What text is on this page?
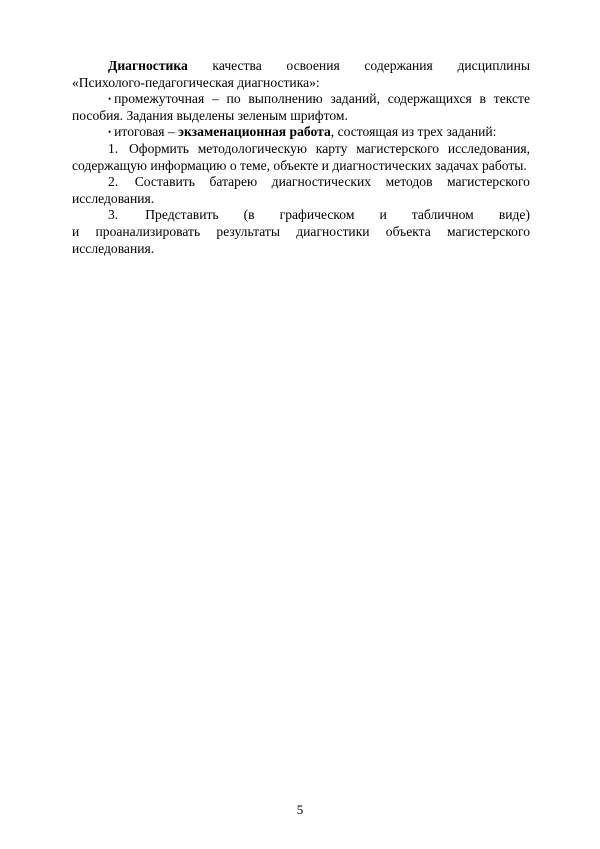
Диагностика качества освоения содержания дисциплины

«Психолого-педагогическая диагностика»:

• промежуточная – по выполнению заданий, содержащихся в тексте пособия. Задания выделены зеленым шрифтом.

• итоговая – экзаменационная работа, состоящая из трех заданий:

1. Оформить методологическую карту магистерского исследования, содержащую информацию о теме, объекте и диагностических задачах работы.

2. Составить батарею диагностических методов магистерского исследования.

3. Представить (в графическом и табличном виде)

и проанализировать результаты диагностики объекта магистерского исследования.

5
